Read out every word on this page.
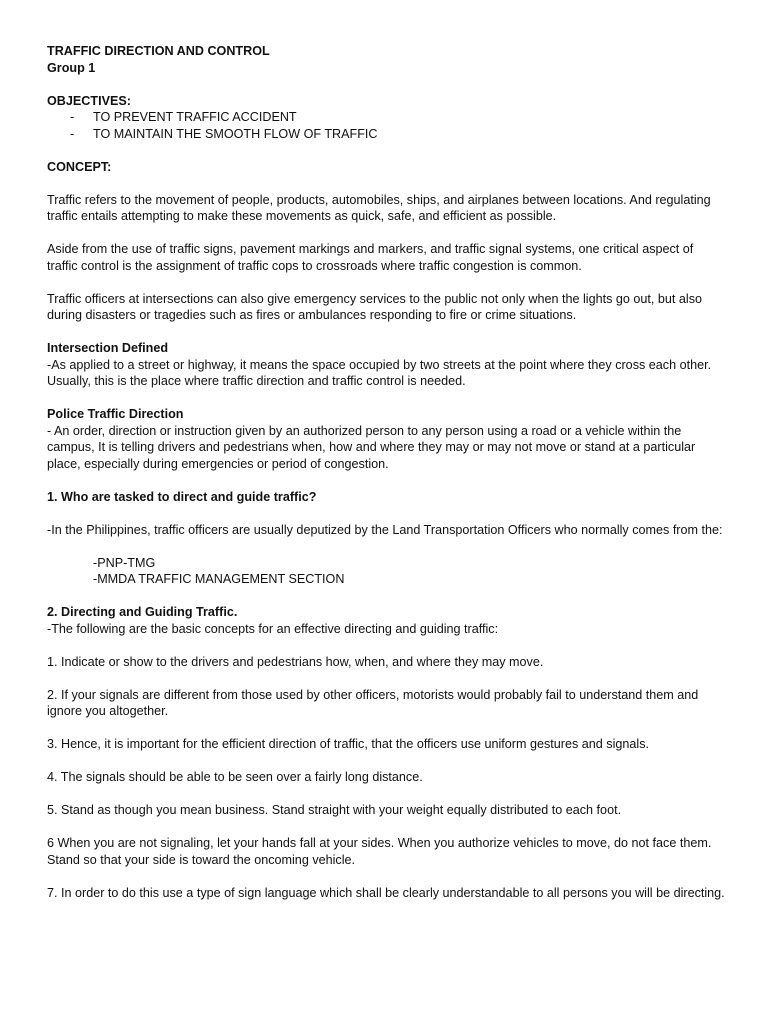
TRAFFIC DIRECTION AND CONTROL
Group 1
OBJECTIVES:
- TO PREVENT TRAFFIC ACCIDENT
- TO MAINTAIN THE SMOOTH FLOW OF TRAFFIC
CONCEPT:

Traffic refers to the movement of people, products, automobiles, ships, and airplanes between locations. And regulating traffic entails attempting to make these movements as quick, safe, and efficient as possible.

Aside from the use of traffic signs, pavement markings and markers, and traffic signal systems, one critical aspect of traffic control is the assignment of traffic cops to crossroads where traffic congestion is common.

Traffic officers at intersections can also give emergency services to the public not only when the lights go out, but also during disasters or tragedies such as fires or ambulances responding to fire or crime situations.

Intersection Defined

-As applied to a street or highway, it means the space occupied by two streets at the point where they cross each other. Usually, this is the place where traffic direction and traffic control is needed.

Police Traffic Direction

- An order, direction or instruction given by an authorized person to any person using a road or a vehicle within the campus, It is telling drivers and pedestrians when, how and where they may or may not move or stand at a particular place, especially during emergencies or period of congestion.

1. Who are tasked to direct and guide traffic?

-In the Philippines, traffic officers are usually deputized by the Land Transportation Officers who normally comes from the:

-PNP-TMG
-MMDA TRAFFIC MANAGEMENT SECTION
2. Directing and Guiding Traffic.

-The following are the basic concepts for an effective directing and guiding traffic:

1. Indicate or show to the drivers and pedestrians how, when, and where they may move.

2. If your signals are different from those used by other officers, motorists would probably fail to understand them and ignore you altogether.

3. Hence, it is important for the efficient direction of traffic, that the officers use uniform gestures and signals.

4. The signals should be able to be seen over a fairly long distance.

5. Stand as though you mean business. Stand straight with your weight equally distributed to each foot.

6 When you are not signaling, let your hands fall at your sides. When you authorize vehicles to move, do not face them. Stand so that your side is toward the oncoming vehicle.

7. In order to do this use a type of sign language which shall be clearly understandable to all persons you will be directing.
